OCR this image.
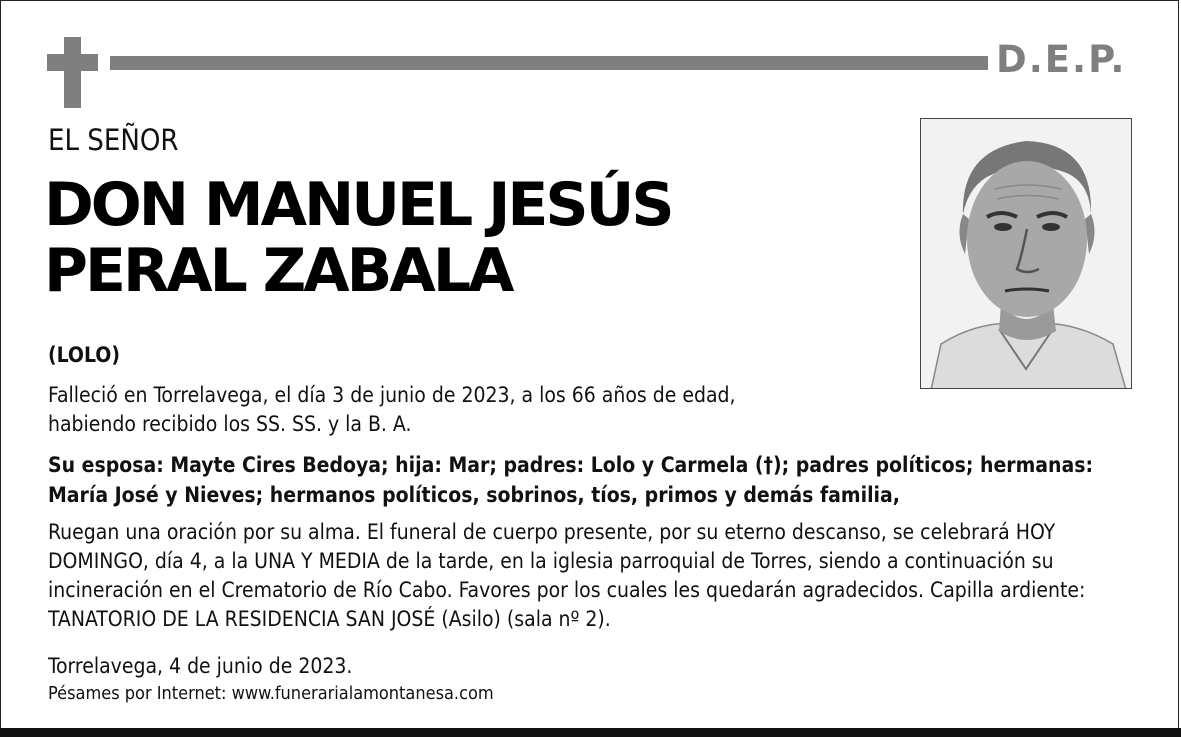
D.E.P.
EL SEÑOR
DON MANUEL JESÚS
PERAL ZABALA
(LOLO)
Falleció en Torrelavega, el día 3 de junio de 2023, a los 66 años de edad,
habiendo recibido los SS. SS. y la B. A.
Su esposa: Mayte Cires Bedoya; hija: Mar; padres: Lolo y Carmela (†); padres políticos; hermanas: María José y Nieves; hermanos políticos, sobrinos, tíos, primos y demás familia,
Ruegan una oración por su alma. El funeral de cuerpo presente, por su eterno descanso, se celebrará HOY DOMINGO, día 4, a la UNA Y MEDIA de la tarde, en la iglesia parroquial de Torres, siendo a continuación su incineración en el Crematorio de Río Cabo. Favores por los cuales les quedarán agradecidos. Capilla ardiente: TANATORIO DE LA RESIDENCIA SAN JOSÉ (Asilo) (sala nº 2).
Torrelavega, 4 de junio de 2023.
Pésames por Internet: www.funerarialamontanesa.com
